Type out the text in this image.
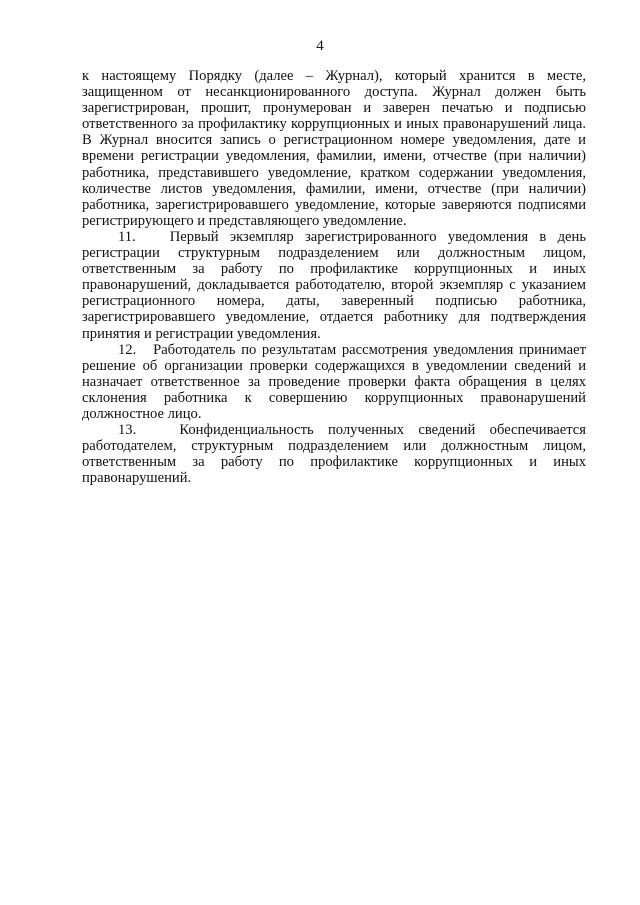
4

к настоящему Порядку (далее – Журнал), который хранится в месте, защищенном от несанкционированного доступа. Журнал должен быть зарегистрирован, прошит, пронумерован и заверен печатью и подписью ответственного за профилактику коррупционных и иных правонарушений лица. В Журнал вносится запись о регистрационном номере уведомления, дате и времени регистрации уведомления, фамилии, имени, отчестве (при наличии) работника, представившего уведомление, кратком содержании уведомления, количестве листов уведомления, фамилии, имени, отчестве (при наличии) работника, зарегистрировавшего уведомление, которые заверяются подписями регистрирующего и представляющего уведомление.

11. Первый экземпляр зарегистрированного уведомления в день регистрации структурным подразделением или должностным лицом, ответственным за работу по профилактике коррупционных и иных правонарушений, докладывается работодателю, второй экземпляр с указанием регистрационного номера, даты, заверенный подписью работника, зарегистрировавшего уведомление, отдается работнику для подтверждения принятия и регистрации уведомления.

12. Работодатель по результатам рассмотрения уведомления принимает решение об организации проверки содержащихся в уведомлении сведений и назначает ответственное за проведение проверки факта обращения в целях склонения работника к совершению коррупционных правонарушений должностное лицо.

13.	Конфиденциальность полученных сведений обеспечивается работодателем, структурным подразделением или должностным лицом, ответственным за работу по профилактике коррупционных и иных правонарушений.
